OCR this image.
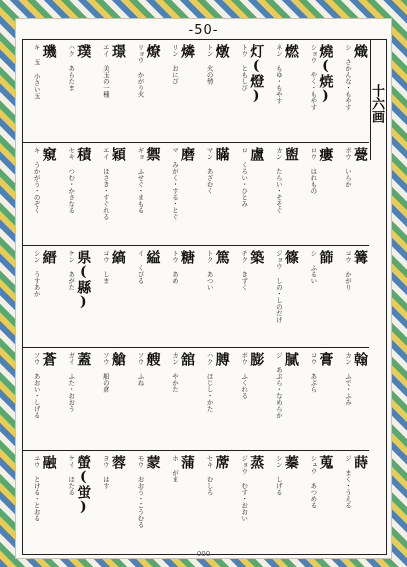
-50-
十六画
熾
シ さかんな・もやす
燒(焼)
ショウ やく・もやす
燃
ネン もゆ・もやす
灯(燈)
トウ ともしび
燉
トン 火の勢
燐
リン おにび
燎
リョウ かがり火
璟
エイ 美玉の一種
璞
ハク あらたま
璣
キ 玉 小さい玉
甍
ボウ いらか
瘻
ロウ はれもの
盥
カン たらい・そそぐ
盧
ロ くろい・ひとみ
瞞
マン あざむく
磨
マ みがく・する・とぐ
禦
ギョ ふせぐ・まもる
穎
エイ ほさき・すぐれる
積
セキ つむ・かさなる
窺
キ うかがう・のぞく
篝
コウ かがり
篩
シ ふるい
篠
ジョウ しの・しのだけ
築
チク きずく
篤
トク あつい
糖
トウ あめ
縊
イ くびる
縞
コウ しま
県(縣)
ケン あがた
縉
シン うすあか
翰
カン ふで・ふみ
膏
コウ あぶら
膩
ジ あぶら・なめらか
膨
ボウ ふくれる
膊
ハク ほじし・かた
舘
カン やかた
艘
ソウ ふね
艙
ソウ 船の倉
蓋
ガイ ふた・おおう
蒼
ソウ あおい・しげる
蒔
ジ まく・うえる
蒐
シュウ あつめる
蓁
シン しげる
蒸
ジョウ むす・おおい
蓆
セキ むしろ
蒲
ホ がま
蒙
モウ おおう・こうむる
蓉
ヨウ はす
螢(蛍)
ケイ ほたる
融
ユウ とける・とおる
000
